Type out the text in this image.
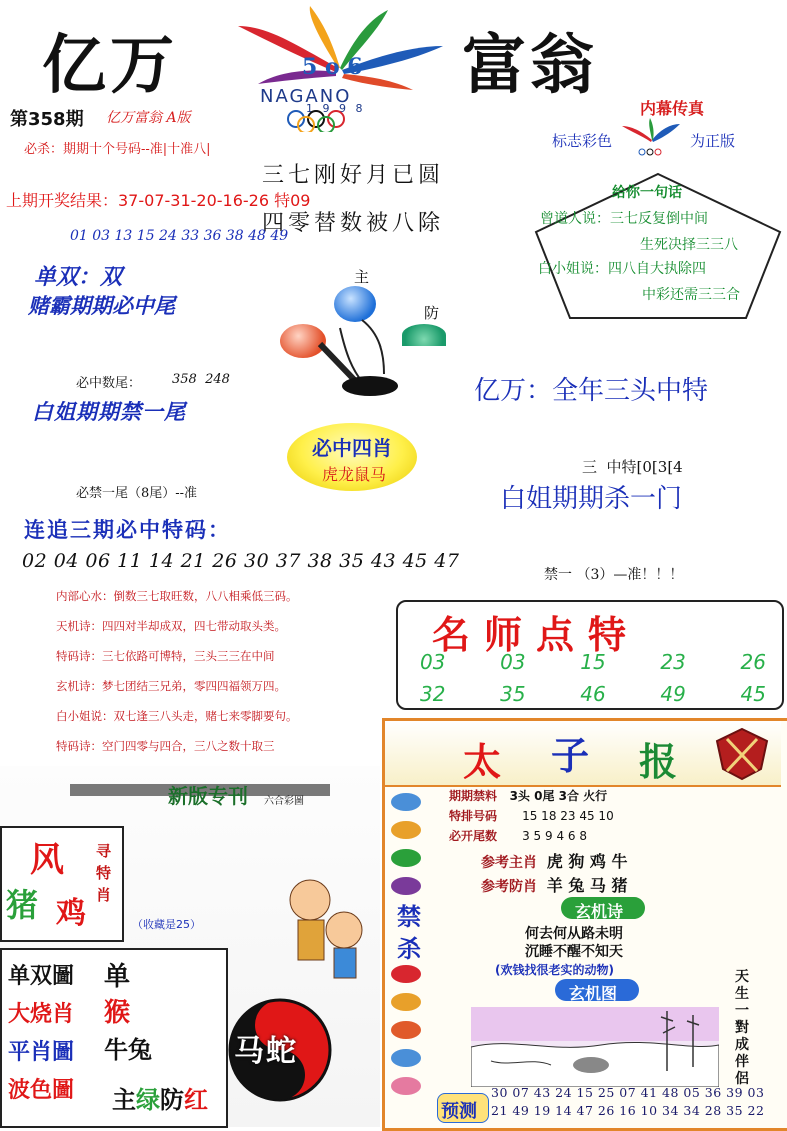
亿万	富翁
5 o 6
NAGANO
1 9 9 8
第358期 亿万富翁 A版
必杀：期期十个号码--准|十准八|
上期开奖结果：37-07-31-20-16-26 特09
三七刚好月已圆
四零替数被八除
01 03 13 15 24 33 36 38 48 49
单双：双
赌霸期期必中尾
内幕传真
标志彩色	为正版
给你一句话
曾道人说：三七反复倒中间
生死决择三三八
白小姐说：四八自大执除四
中彩还需三三合
主
防
必中数尾： 358  248
白姐期期禁一尾
亿万：全年三头中特
必中四肖
虎龙鼠马	三  中特[0[3[4
白姐期期杀一门
必禁一尾（8尾）--准
连追三期必中特码：
02 04 06 11 14 21 26 30 37 38 35 43 45 47
禁一 （3）—准！！！
名师点特
03	03	15	23	26
32	35	46	49	45
内部心水：倒数三七取旺数，八八相乘低三码。
天机诗：四四对半却成双，四七带动取头类。
特码诗：三七依路可博特，三头三三在中间
玄机诗：梦七团结三兄弟，零四四福领万四。
白小姐说：双七逢三八头走，赌七来零脚要句。
特码诗：空门四零与四合，三八之数十取三
新版专刊 六合彩圖
风
猪 鸡
寻特肖
（收藏是25）
单双圖
大烧肖
平肖圖
波色圖
单
猴
牛兔
主绿防红
马蛇
太 子 报
禁杀
期期禁料 3头 0尾 3合 火行
特排号码 15 18 23 45 10
必开尾数 3 5 9 4 6 8
参考主肖 虎 狗 鸡 牛
参考防肖 羊 兔 马 猪
玄机诗
何去何从路未明
沉睡不醒不知天
(欢钱找很老实的动物)
玄机图
天生一對成伴侶
预测
30 07 43 24 15 25 07 41 48 05 36 39 03
21 49 19 14 47 26 16 10 34 34 28 35 22
